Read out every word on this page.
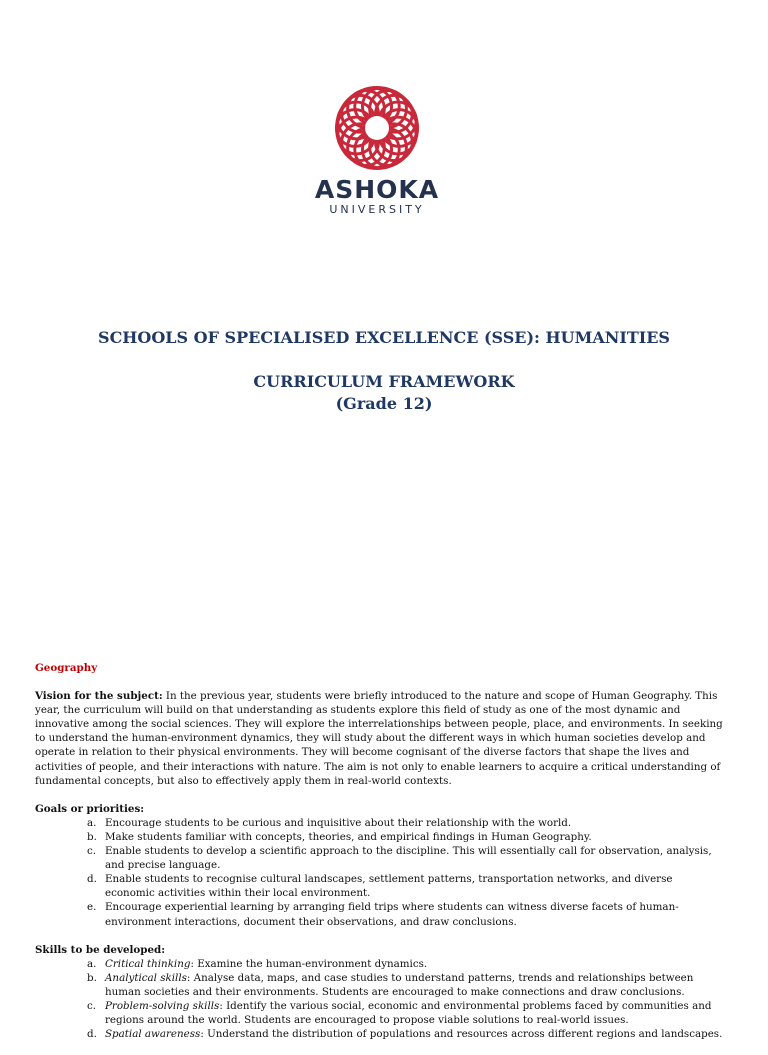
ASHOKA
UNIVERSITY
SCHOOLS OF SPECIALISED EXCELLENCE (SSE): HUMANITIES
CURRICULUM FRAMEWORK
(Grade 12)

Geography

Vision for the subject: In the previous year, students were briefly introduced to the nature and scope of Human Geography. This year, the curriculum will build on that understanding as students explore this field of study as one of the most dynamic and innovative among the social sciences. They will explore the interrelationships between people, place, and environments. In seeking to understand the human-environment dynamics, they will study about the different ways in which human societies develop and operate in relation to their physical environments. They will become cognisant of the diverse factors that shape the lives and activities of people, and their interactions with nature. The aim is not only to enable learners to acquire a critical understanding of fundamental concepts, but also to effectively apply them in real-world contexts.

Goals or priorities:

a. Encourage students to be curious and inquisitive about their relationship with the world.
b. Make students familiar with concepts, theories, and empirical findings in Human Geography.
c. Enable students to develop a scientific approach to the discipline. This will essentially call for observation, analysis, and precise language.
d. Enable students to recognise cultural landscapes, settlement patterns, transportation networks, and diverse economic activities within their local environment.
e. Encourage experiential learning by arranging field trips where students can witness diverse facets of human-environment interactions, document their observations, and draw conclusions.

Skills to be developed:

a. Critical thinking: Examine the human-environment dynamics.
b. Analytical skills: Analyse data, maps, and case studies to understand patterns, trends and relationships between human societies and their environments. Students are encouraged to make connections and draw conclusions.
c. Problem-solving skills: Identify the various social, economic and environmental problems faced by communities and regions around the world. Students are encouraged to propose viable solutions to real-world issues.
d. Spatial awareness: Understand the distribution of populations and resources across different regions and landscapes.
